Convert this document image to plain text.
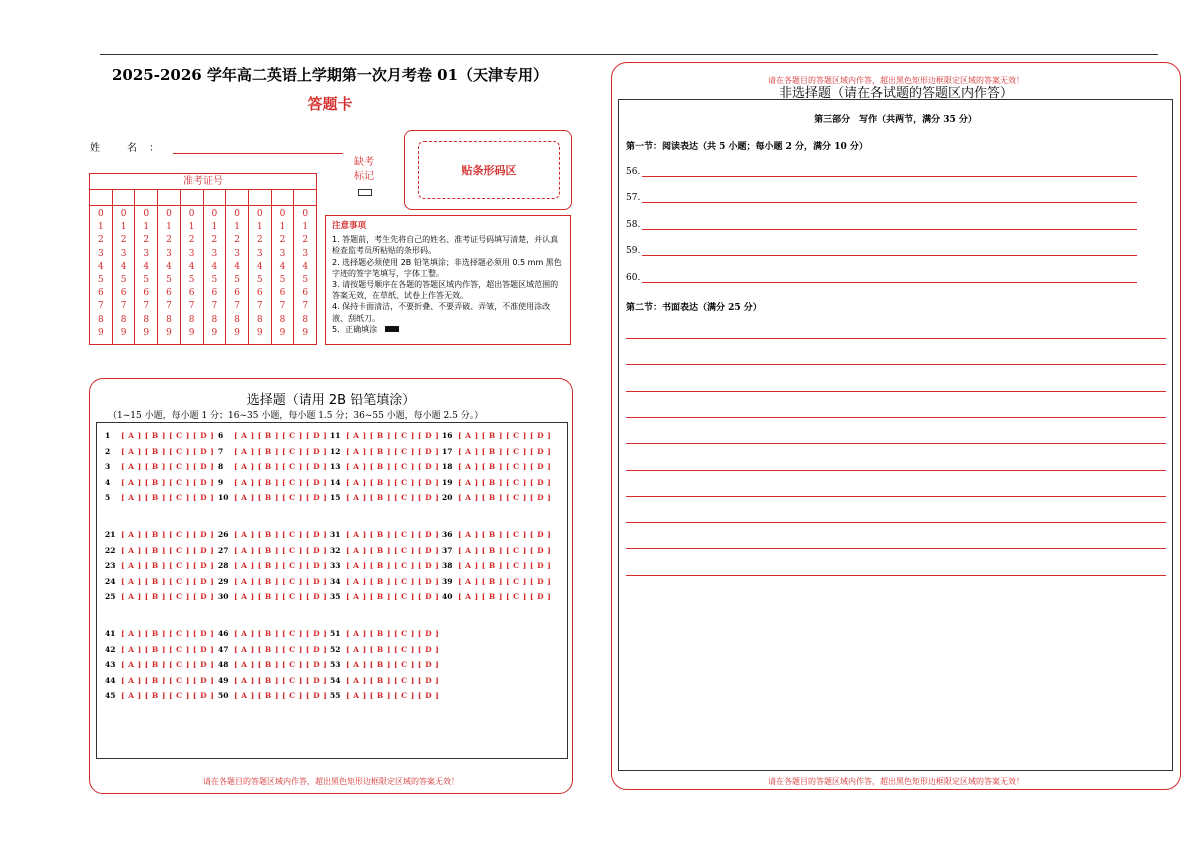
2025-2026 学年高二英语上学期第一次月考卷 01（天津专用）
答题卡
姓 名：
准考证号
0
1
2
3
4
5
6
7
8
9
0
1
2
3
4
5
6
7
8
9
0
1
2
3
4
5
6
7
8
9
0
1
2
3
4
5
6
7
8
9
0
1
2
3
4
5
6
7
8
9
0
1
2
3
4
5
6
7
8
9
0
1
2
3
4
5
6
7
8
9
0
1
2
3
4
5
6
7
8
9
0
1
2
3
4
5
6
7
8
9
0
1
2
3
4
5
6
7
8
9
缺考
标记	贴条形码区
注意事项
1. 答题前，考生先将自己的姓名、准考证号码填写清楚，并认真检查监考员所粘贴的条形码。
2. 选择题必须使用 2B 铅笔填涂；非选择题必须用 0.5 mm 黑色字迹的签字笔填写，字体工整。
3. 请按题号顺序在各题的答题区域内作答，超出答题区域范围的答案无效，在草纸、试卷上作答无效。
4. 保持卡面清洁，不要折叠、不要弄破、弄皱，不准使用涂改液、刮纸刀。
5．正确填涂
选择题（请用 2B 铅笔填涂）
（1~15 小题，每小题 1 分；16~35 小题，每小题 1.5 分；36~55 小题，每小题 2.5 分。）
1 [ A ] [ B ] [ C ] [ D ]
2 [ A ] [ B ] [ C ] [ D ]
3 [ A ] [ B ] [ C ] [ D ]
4 [ A ] [ B ] [ C ] [ D ]
5 [ A ] [ B ] [ C ] [ D ]
6 [ A ] [ B ] [ C ] [ D ]
7 [ A ] [ B ] [ C ] [ D ]
8 [ A ] [ B ] [ C ] [ D ]
9 [ A ] [ B ] [ C ] [ D ]
10 [ A ] [ B ] [ C ] [ D ]
11 [ A ] [ B ] [ C ] [ D ]
12 [ A ] [ B ] [ C ] [ D ]
13 [ A ] [ B ] [ C ] [ D ]
14 [ A ] [ B ] [ C ] [ D ]
15 [ A ] [ B ] [ C ] [ D ]
16 [ A ] [ B ] [ C ] [ D ]
17 [ A ] [ B ] [ C ] [ D ]
18 [ A ] [ B ] [ C ] [ D ]
19 [ A ] [ B ] [ C ] [ D ]
20 [ A ] [ B ] [ C ] [ D ]
21 [ A ] [ B ] [ C ] [ D ]
22 [ A ] [ B ] [ C ] [ D ]
23 [ A ] [ B ] [ C ] [ D ]
24 [ A ] [ B ] [ C ] [ D ]
25 [ A ] [ B ] [ C ] [ D ]
26 [ A ] [ B ] [ C ] [ D ]
27 [ A ] [ B ] [ C ] [ D ]
28 [ A ] [ B ] [ C ] [ D ]
29 [ A ] [ B ] [ C ] [ D ]
30 [ A ] [ B ] [ C ] [ D ]
31 [ A ] [ B ] [ C ] [ D ]
32 [ A ] [ B ] [ C ] [ D ]
33 [ A ] [ B ] [ C ] [ D ]
34 [ A ] [ B ] [ C ] [ D ]
35 [ A ] [ B ] [ C ] [ D ]
36 [ A ] [ B ] [ C ] [ D ]
37 [ A ] [ B ] [ C ] [ D ]
38 [ A ] [ B ] [ C ] [ D ]
39 [ A ] [ B ] [ C ] [ D ]
40 [ A ] [ B ] [ C ] [ D ]
41 [ A ] [ B ] [ C ] [ D ]
42 [ A ] [ B ] [ C ] [ D ]
43 [ A ] [ B ] [ C ] [ D ]
44 [ A ] [ B ] [ C ] [ D ]
45 [ A ] [ B ] [ C ] [ D ]
46 [ A ] [ B ] [ C ] [ D ]
47 [ A ] [ B ] [ C ] [ D ]
48 [ A ] [ B ] [ C ] [ D ]
49 [ A ] [ B ] [ C ] [ D ]
50 [ A ] [ B ] [ C ] [ D ]
51 [ A ] [ B ] [ C ] [ D ]
52 [ A ] [ B ] [ C ] [ D ]
53 [ A ] [ B ] [ C ] [ D ]
54 [ A ] [ B ] [ C ] [ D ]
55 [ A ] [ B ] [ C ] [ D ]
请在各题目的答题区域内作答，超出黑色矩形边框限定区域的答案无效！
请在各题目的答题区域内作答，超出黑色矩形边框限定区域的答案无效！
非选择题（请在各试题的答题区内作答）
第三部分　写作（共两节，满分 35 分）
第一节：阅读表达（共 5 小题；每小题 2 分，满分 10 分）
56.
57.
58.
59.
60.
第二节：书面表达（满分 25 分）
请在各题目的答题区域内作答，超出黑色矩形边框限定区域的答案无效！
